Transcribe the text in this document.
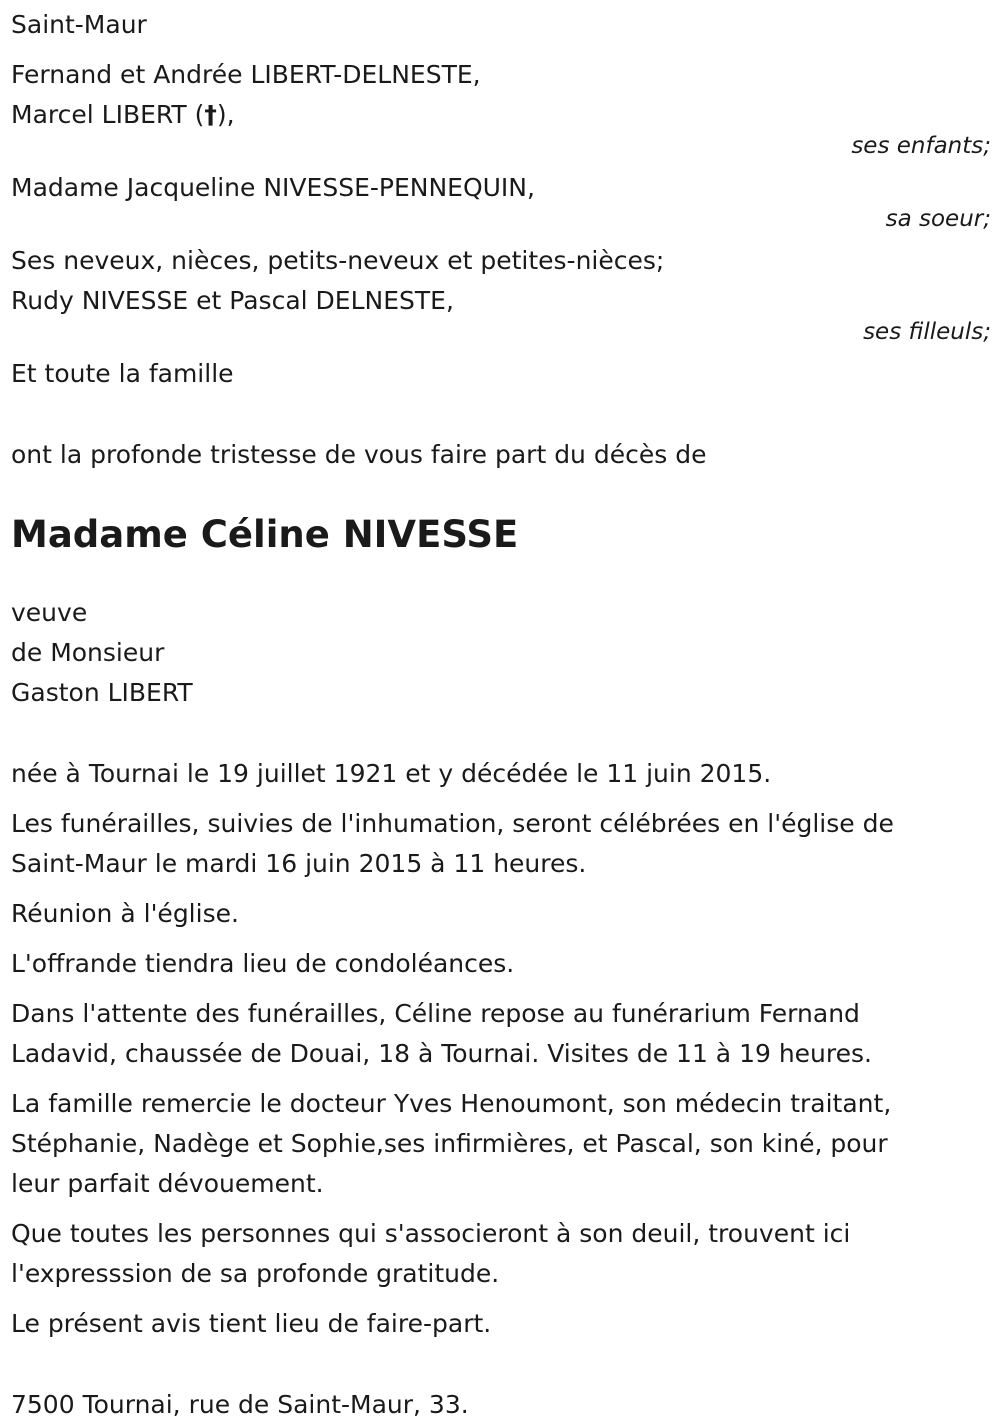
Saint-Maur
Fernand et Andrée LIBERT-DELNESTE,
Marcel LIBERT (†),
ses enfants;
Madame Jacqueline NIVESSE-PENNEQUIN,
sa soeur;
Ses neveux, nièces, petits-neveux et petites-nièces;
Rudy NIVESSE et Pascal DELNESTE,
ses filleuls;
Et toute la famille
ont la profonde tristesse de vous faire part du décès de
Madame Céline NIVESSE
veuve
de Monsieur
Gaston LIBERT
née à Tournai le 19 juillet 1921 et y décédée le 11 juin 2015.
Les funérailles, suivies de l'inhumation, seront célébrées en l'église de
Saint-Maur le mardi 16 juin 2015 à 11 heures.
Réunion à l'église.
L'offrande tiendra lieu de condoléances.
Dans l'attente des funérailles, Céline repose au funérarium Fernand
Ladavid, chaussée de Douai, 18 à Tournai. Visites de 11 à 19 heures.
La famille remercie le docteur Yves Henoumont, son médecin traitant,
Stéphanie, Nadège et Sophie,ses infirmières, et Pascal, son kiné, pour
leur parfait dévouement.
Que toutes les personnes qui s'associeront à son deuil, trouvent ici
l'expresssion de sa profonde gratitude.
Le présent avis tient lieu de faire-part.
7500 Tournai, rue de Saint-Maur, 33.
